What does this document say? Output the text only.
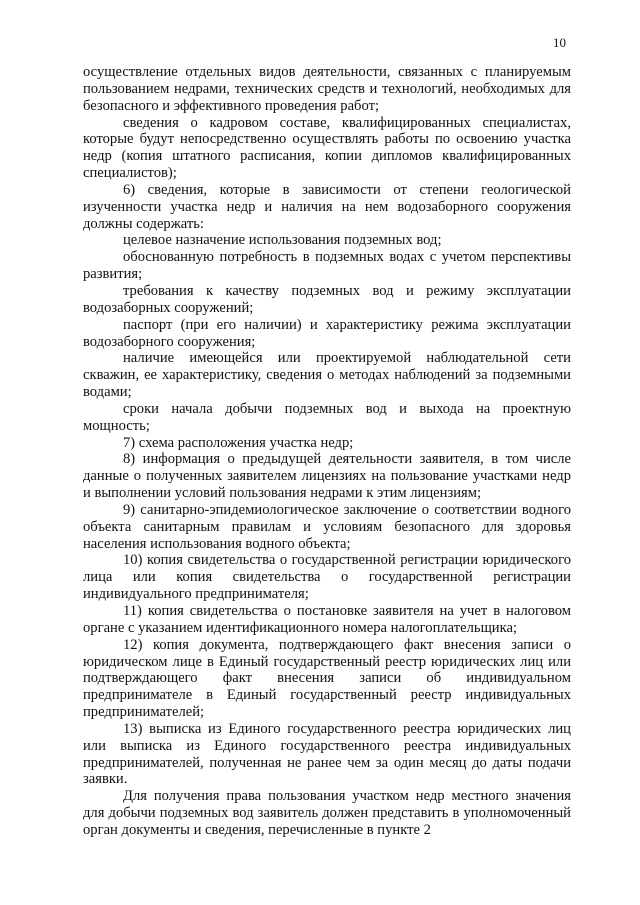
10

осуществление отдельных видов деятельности, связанных с планируемым пользованием недрами, технических средств и технологий, необходимых для безопасного и эффективного проведения работ;

сведения о кадровом составе, квалифицированных специалистах, которые будут непосредственно осуществлять работы по освоению участка недр (копия штатного расписания, копии дипломов квалифицированных специалистов);

6) сведения, которые в зависимости от степени геологической изученности участка недр и наличия на нем водозаборного сооружения должны содержать:

целевое назначение использования подземных вод;

обоснованную потребность в подземных водах с учетом перспективы развития;

требования к качеству подземных вод и режиму эксплуатации водозаборных сооружений;

паспорт (при его наличии) и характеристику режима эксплуатации водозаборного сооружения;

наличие имеющейся или проектируемой наблюдательной сети скважин, ее характеристику, сведения о методах наблюдений за подземными водами;

сроки начала добычи подземных вод и выхода на проектную мощность;

7) схема расположения участка недр;

8) информация о предыдущей деятельности заявителя, в том числе данные о полученных заявителем лицензиях на пользование участками недр и выполнении условий пользования недрами к этим лицензиям;

9) санитарно-эпидемиологическое заключение о соответствии водного объекта санитарным правилам и условиям безопасного для здоровья населения использования водного объекта;

10) копия свидетельства о государственной регистрации юридического лица или копия свидетельства о государственной регистрации индивидуального предпринимателя;

11) копия свидетельства о постановке заявителя на учет в налоговом органе с указанием идентификационного номера налогоплательщика;

12) копия документа, подтверждающего факт внесения записи о юридическом лице в Единый государственный реестр юридических лиц или подтверждающего факт внесения записи об индивидуальном предпринимателе в Единый государственный реестр индивидуальных предпринимателей;

13) выписка из Единого государственного реестра юридических лиц или выписка из Единого государственного реестра индивидуальных предпринимателей, полученная не ранее чем за один месяц до даты подачи заявки.

Для получения права пользования участком недр местного значения для добычи подземных вод заявитель должен представить в уполномоченный орган документы и сведения, перечисленные в пункте 2
